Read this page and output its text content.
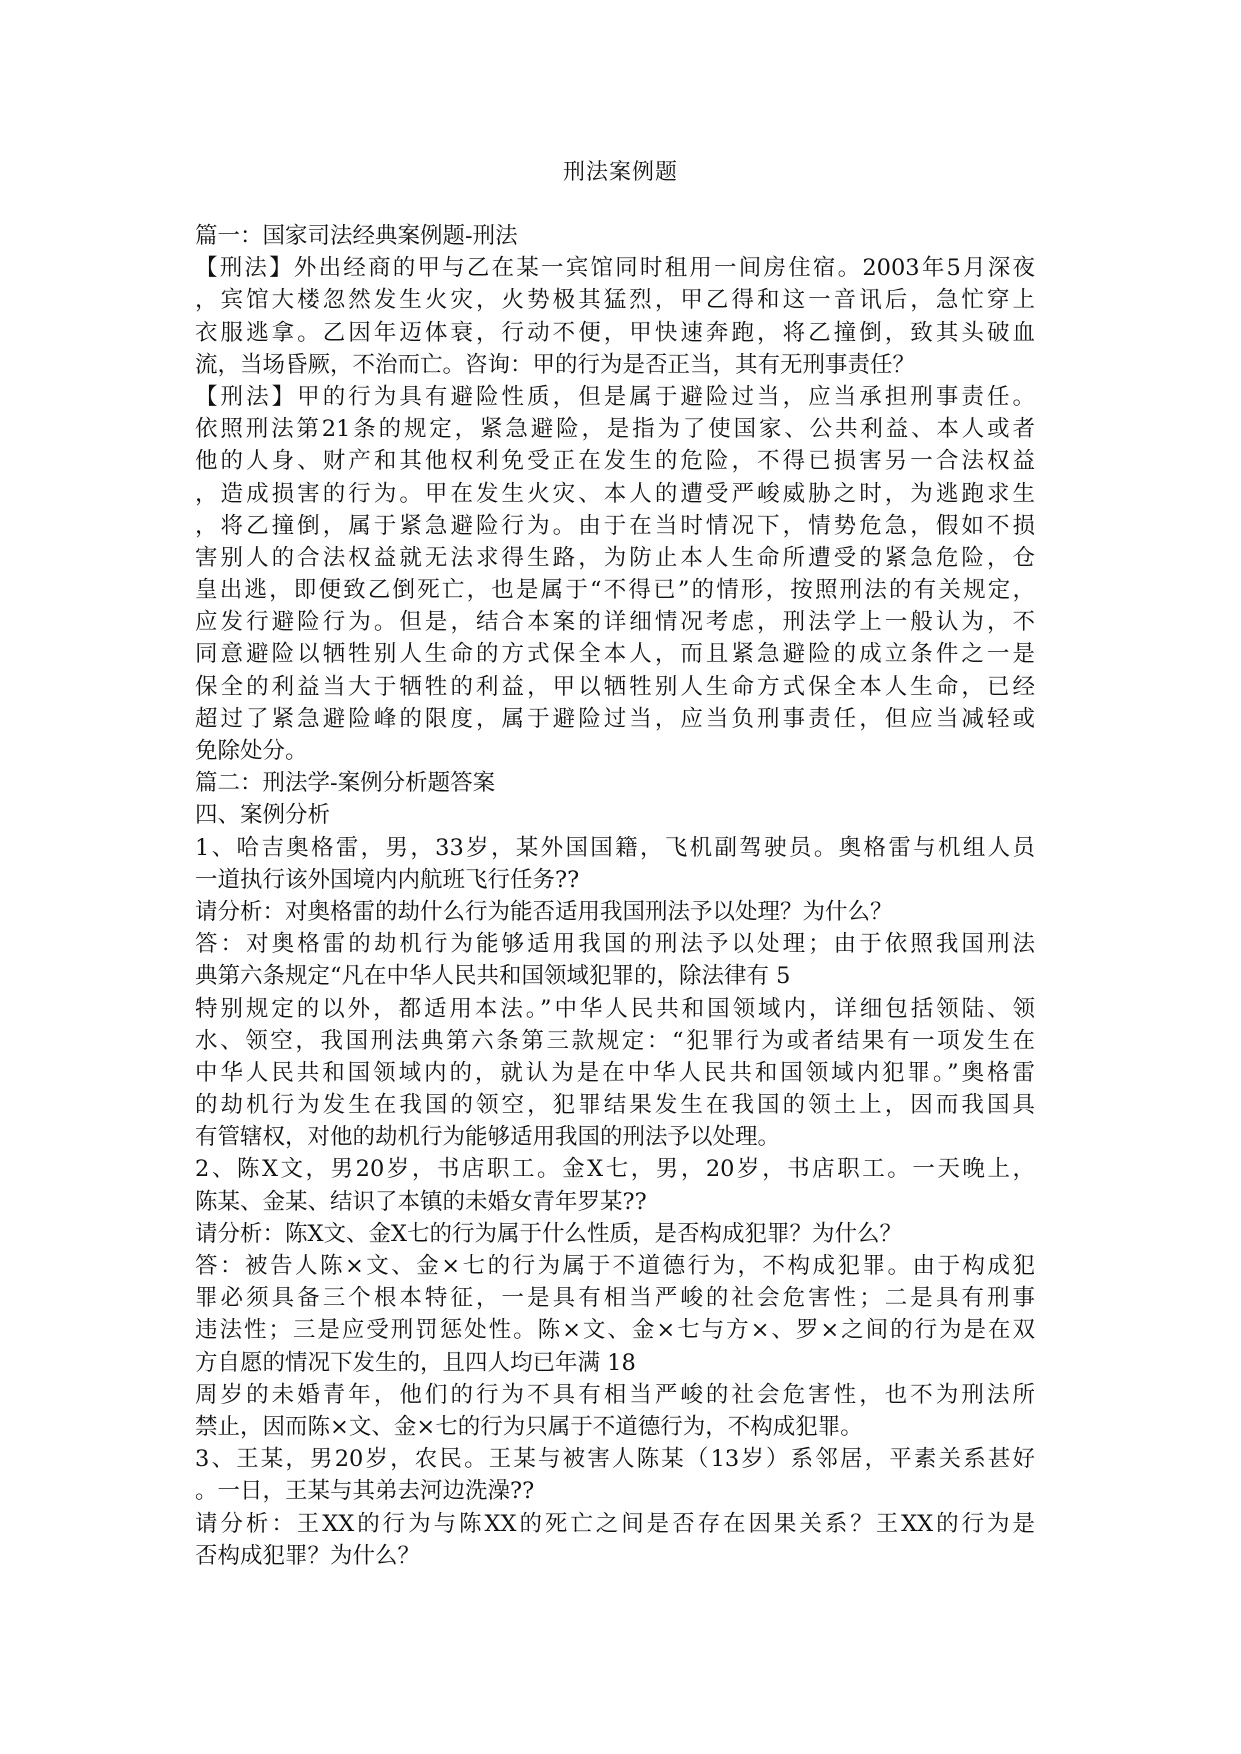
刑法案例题
篇一：国家司法经典案例题-刑法
【刑法】外出经商的甲与乙在某一宾馆同时租用一间房住宿。2003年5月深夜
，宾馆大楼忽然发生火灾，火势极其猛烈，甲乙得和这一音讯后，急忙穿上
衣服逃拿。乙因年迈体衰，行动不便，甲快速奔跑，将乙撞倒，致其头破血
流，当场昏厥，不治而亡。咨询：甲的行为是否正当，其有无刑事责任？
【刑法】甲的行为具有避险性质，但是属于避险过当，应当承担刑事责任。
依照刑法第21条的规定，紧急避险，是指为了使国家、公共利益、本人或者
他的人身、财产和其他权利免受正在发生的危险，不得已损害另一合法权益
，造成损害的行为。甲在发生火灾、本人的遭受严峻威胁之时，为逃跑求生
，将乙撞倒，属于紧急避险行为。由于在当时情况下，情势危急，假如不损
害别人的合法权益就无法求得生路，为防止本人生命所遭受的紧急危险，仓
皇出逃，即便致乙倒死亡，也是属于“不得已”的情形，按照刑法的有关规定，
应发行避险行为。但是，结合本案的详细情况考虑，刑法学上一般认为，不
同意避险以牺牲别人生命的方式保全本人，而且紧急避险的成立条件之一是
保全的利益当大于牺牲的利益，甲以牺牲别人生命方式保全本人生命，已经
超过了紧急避险峰的限度，属于避险过当，应当负刑事责任，但应当减轻或
免除处分。
篇二：刑法学-案例分析题答案
四、案例分析
1、哈吉奥格雷，男，33岁，某外国国籍，飞机副驾驶员。奥格雷与机组人员
一道执行该外国境内内航班飞行任务??
请分析：对奥格雷的劫什么行为能否适用我国刑法予以处理？为什么？
答：对奥格雷的劫机行为能够适用我国的刑法予以处理；由于依照我国刑法
典第六条规定“凡在中华人民共和国领域犯罪的，除法律有 5
特别规定的以外，都适用本法。”中华人民共和国领域内，详细包括领陆、领
水、领空，我国刑法典第六条第三款规定：“犯罪行为或者结果有一项发生在
中华人民共和国领域内的，就认为是在中华人民共和国领域内犯罪。”奥格雷
的劫机行为发生在我国的领空，犯罪结果发生在我国的领土上，因而我国具
有管辖权，对他的劫机行为能够适用我国的刑法予以处理。
2、陈X文，男20岁，书店职工。金X七，男，20岁，书店职工。一天晚上，
陈某、金某、结识了本镇的未婚女青年罗某??
请分析：陈X文、金X七的行为属于什么性质，是否构成犯罪？为什么？
答：被告人陈×文、金×七的行为属于不道德行为，不构成犯罪。由于构成犯
罪必须具备三个根本特征，一是具有相当严峻的社会危害性；二是具有刑事
违法性；三是应受刑罚惩处性。陈×文、金×七与方×、罗×之间的行为是在双
方自愿的情况下发生的，且四人均已年满 18
周岁的未婚青年，他们的行为不具有相当严峻的社会危害性，也不为刑法所
禁止，因而陈×文、金×七的行为只属于不道德行为，不构成犯罪。
3、王某，男20岁，农民。王某与被害人陈某（13岁）系邻居，平素关系甚好
。一日，王某与其弟去河边洗澡??
请分析：王XX的行为与陈XX的死亡之间是否存在因果关系？王XX的行为是
否构成犯罪？为什么？
